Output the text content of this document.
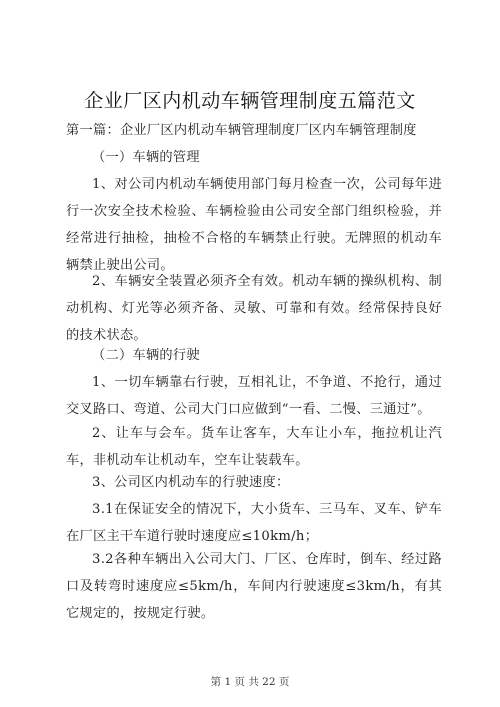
企业厂区内机动车辆管理制度五篇范文
第一篇：企业厂区内机动车辆管理制度厂区内车辆管理制度
（一）车辆的管理
1、对公司内机动车辆使用部门每月检查一次，公司每年进行一次安全技术检验、车辆检验由公司安全部门组织检验，并经常进行抽检，抽检不合格的车辆禁止行驶。无牌照的机动车辆禁止驶出公司。
2、车辆安全装置必须齐全有效。机动车辆的操纵机构、制动机构、灯光等必须齐备、灵敏、可靠和有效。经常保持良好的技术状态。
（二）车辆的行驶
1、一切车辆靠右行驶，互相礼让，不争道、不抢行，通过交叉路口、弯道、公司大门口应做到“一看、二慢、三通过”。
2、让车与会车。货车让客车，大车让小车，拖拉机让汽车，非机动车让机动车，空车让装载车。
3、公司区内机动车的行驶速度：
3.1在保证安全的情况下，大小货车、三马车、叉车、铲车在厂区主干车道行驶时速度应≤10km/h；
3.2各种车辆出入公司大门、厂区、仓库时，倒车、经过路口及转弯时速度应≤5km/h，车间内行驶速度≤3km/h，有其它规定的，按规定行驶。
第 1 页 共 22 页
